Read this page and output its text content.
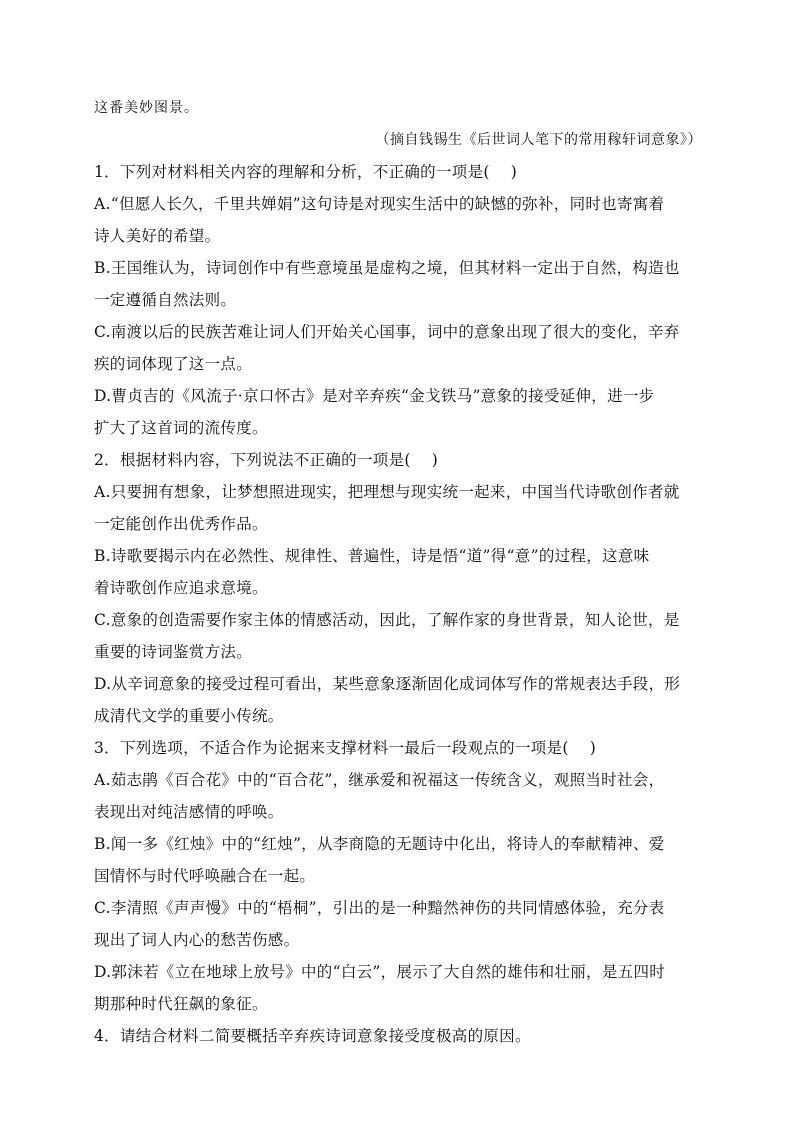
这番美妙图景。
（摘自钱锡生《后世词人笔下的常用稼轩词意象》）
1．下列对材料相关内容的理解和分析，不正确的一项是(　 )
A.“但愿人长久，千里共婵娟”这句诗是对现实生活中的缺憾的弥补，同时也寄寓着
诗人美好的希望。
B.王国维认为，诗词创作中有些意境虽是虚构之境，但其材料一定出于自然，构造也
一定遵循自然法则。
C.南渡以后的民族苦难让词人们开始关心国事，词中的意象出现了很大的变化，辛弃
疾的词体现了这一点。
D.曹贞吉的《风流子·京口怀古》是对辛弃疾“金戈铁马”意象的接受延伸，进一步
扩大了这首词的流传度。
2．根据材料内容，下列说法不正确的一项是(　 )
A.只要拥有想象，让梦想照进现实，把理想与现实统一起来，中国当代诗歌创作者就
一定能创作出优秀作品。
B.诗歌要揭示内在必然性、规律性、普遍性，诗是悟“道”得“意”的过程，这意味
着诗歌创作应追求意境。
C.意象的创造需要作家主体的情感活动，因此，了解作家的身世背景，知人论世，是
重要的诗词鉴赏方法。
D.从辛词意象的接受过程可看出，某些意象逐渐固化成词体写作的常规表达手段，形
成清代文学的重要小传统。
3．下列选项，不适合作为论据来支撑材料一最后一段观点的一项是(　 )
A.茹志鹃《百合花》中的“百合花”，继承爱和祝福这一传统含义，观照当时社会，
表现出对纯洁感情的呼唤。
B.闻一多《红烛》中的“红烛”，从李商隐的无题诗中化出，将诗人的奉献精神、爱
国情怀与时代呼唤融合在一起。
C.李清照《声声慢》中的“梧桐”，引出的是一种黯然神伤的共同情感体验，充分表
现出了词人内心的愁苦伤感。
D.郭沫若《立在地球上放号》中的“白云”，展示了大自然的雄伟和壮丽，是五四时
期那种时代狂飙的象征。
4．请结合材料二简要概括辛弃疾诗词意象接受度极高的原因。
